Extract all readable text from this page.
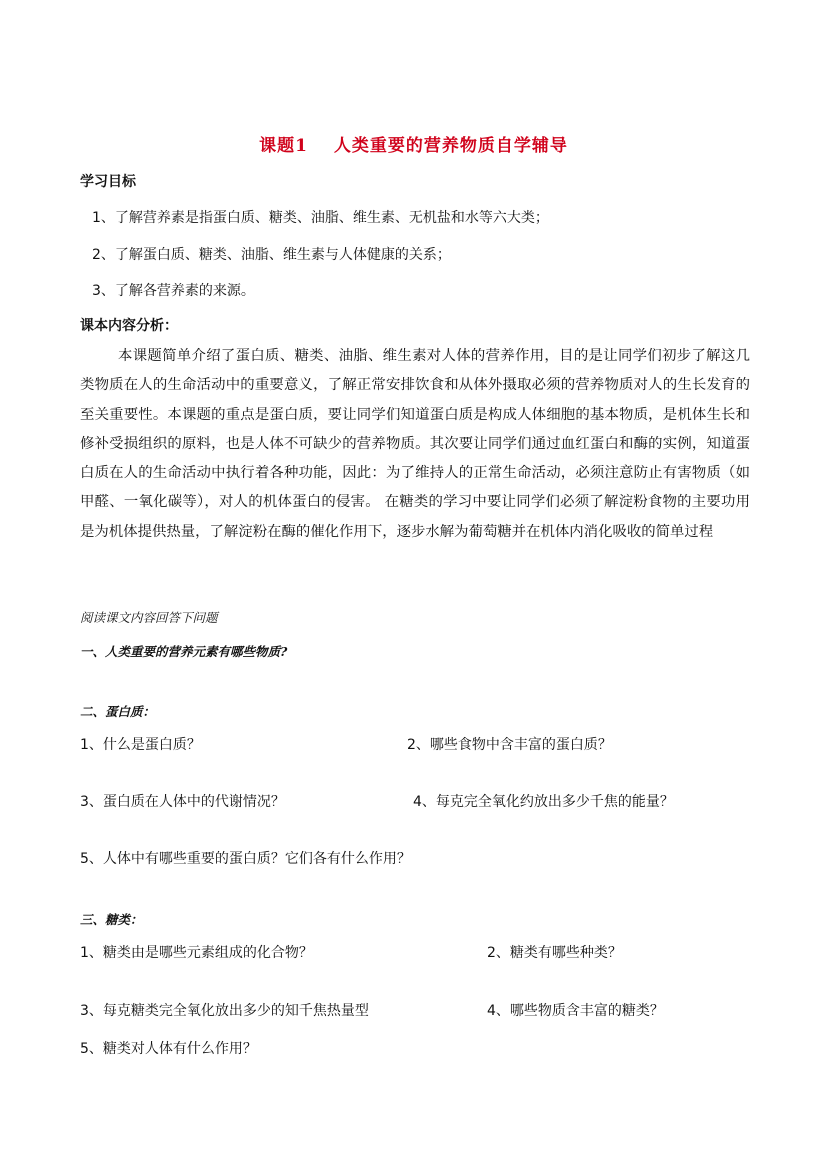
课题1 人类重要的营养物质自学辅导
学习目标
1、了解营养素是指蛋白质、糖类、油脂、维生素、无机盐和水等六大类；
2、了解蛋白质、糖类、油脂、维生素与人体健康的关系；
3、了解各营养素的来源。
课本内容分析：

本课题简单介绍了蛋白质、糖类、油脂、维生素对人体的营养作用，目的是让同学们初步了解这几类物质在人的生命活动中的重要意义，了解正常安排饮食和从体外摄取必须的营养物质对人的生长发育的至关重要性。本课题的重点是蛋白质，要让同学们知道蛋白质是构成人体细胞的基本物质，是机体生长和修补受损组织的原料，也是人体不可缺少的营养物质。其次要让同学们通过血红蛋白和酶的实例，知道蛋白质在人的生命活动中执行着各种功能，因此：为了维持人的正常生命活动，必须注意防止有害物质（如甲醛、一氧化碳等），对人的机体蛋白的侵害。 在糖类的学习中要让同学们必须了解淀粉食物的主要功用是为机体提供热量，了解淀粉在酶的催化作用下，逐步水解为葡萄糖并在机体内消化吸收的简单过程

阅读课文内容回答下问题
一、人类重要的营养元素有哪些物质?
二、蛋白质：
1、什么是蛋白质？	2、哪些食物中含丰富的蛋白质？
3、蛋白质在人体中的代谢情况？	4、每克完全氧化约放出多少千焦的能量？
5、人体中有哪些重要的蛋白质？它们各有什么作用？
三、糖类：
1、糖类由是哪些元素组成的化合物？	2、糖类有哪些种类？
3、每克糖类完全氧化放出多少的知千焦热量型	4、哪些物质含丰富的糖类？
5、糖类对人体有什么作用？
